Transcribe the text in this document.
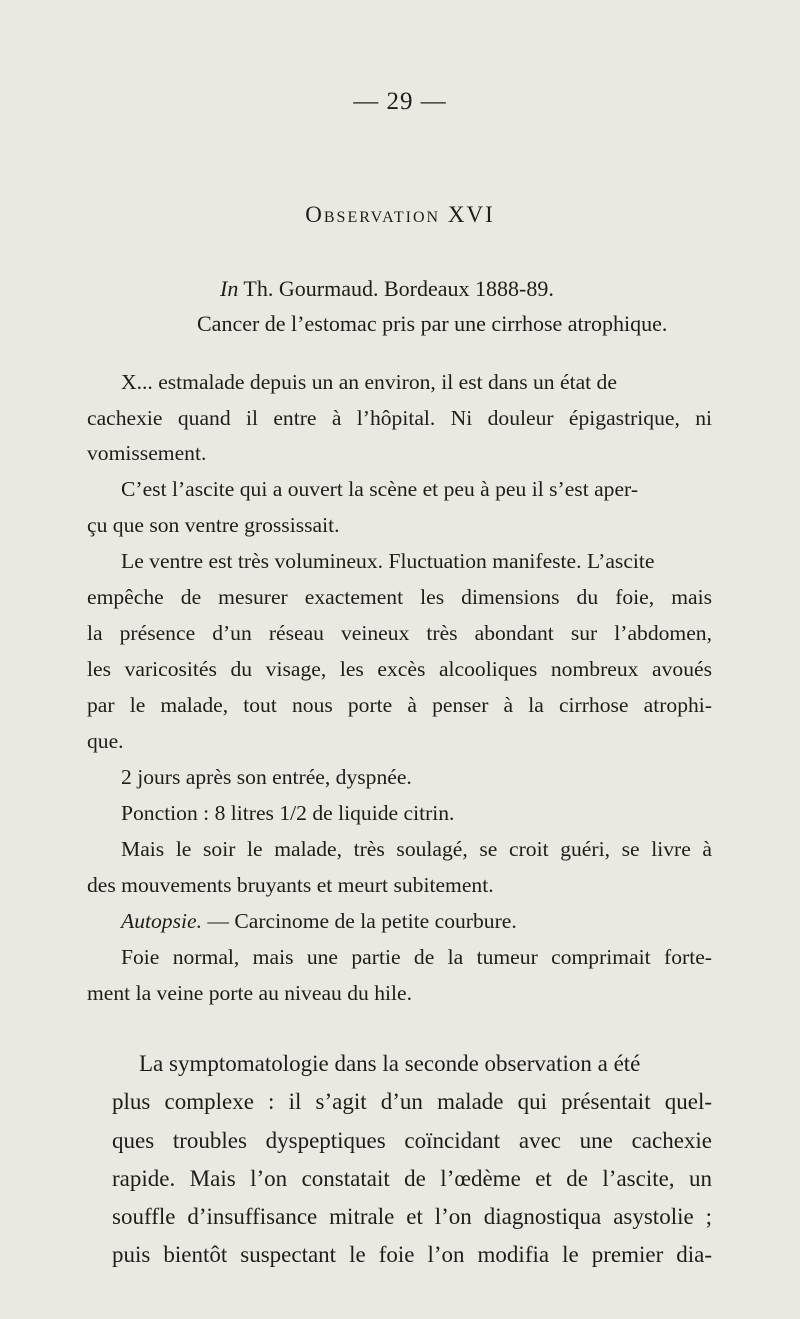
— 29 —
Observation XVI
In Th. Gourmaud. Bordeaux 1888-89.
Cancer de l’estomac pris par une cirrhose atrophique.
X... estmalade depuis un an environ, il est dans un état de
cachexie quand il entre à l’hôpital. Ni douleur épigastrique, ni
vomissement.
C’est l’ascite qui a ouvert la scène et peu à peu il s’est aper-
çu que son ventre grossissait.
Le ventre est très volumineux. Fluctuation manifeste. L’ascite
empêche de mesurer exactement les dimensions du foie, mais
la présence d’un réseau veineux très abondant sur l’abdomen,
les varicosités du visage, les excès alcooliques nombreux avoués
par le malade, tout nous porte à penser à la cirrhose atrophi-
que.
2 jours après son entrée, dyspnée.
Ponction : 8 litres 1/2 de liquide citrin.
Mais le soir le malade, très soulagé, se croit guéri, se livre à
des mouvements bruyants et meurt subitement.
Autopsie. — Carcinome de la petite courbure.
Foie normal, mais une partie de la tumeur comprimait forte-
ment la veine porte au niveau du hile.
La symptomatologie dans la seconde observation a été
plus complexe : il s’agit d’un malade qui présentait quel-
ques troubles dyspeptiques coïncidant avec une cachexie
rapide. Mais l’on constatait de l’œdème et de l’ascite, un
souffle d’insuffisance mitrale et l’on diagnostiqua asystolie ;
puis bientôt suspectant le foie l’on modifia le premier dia-
